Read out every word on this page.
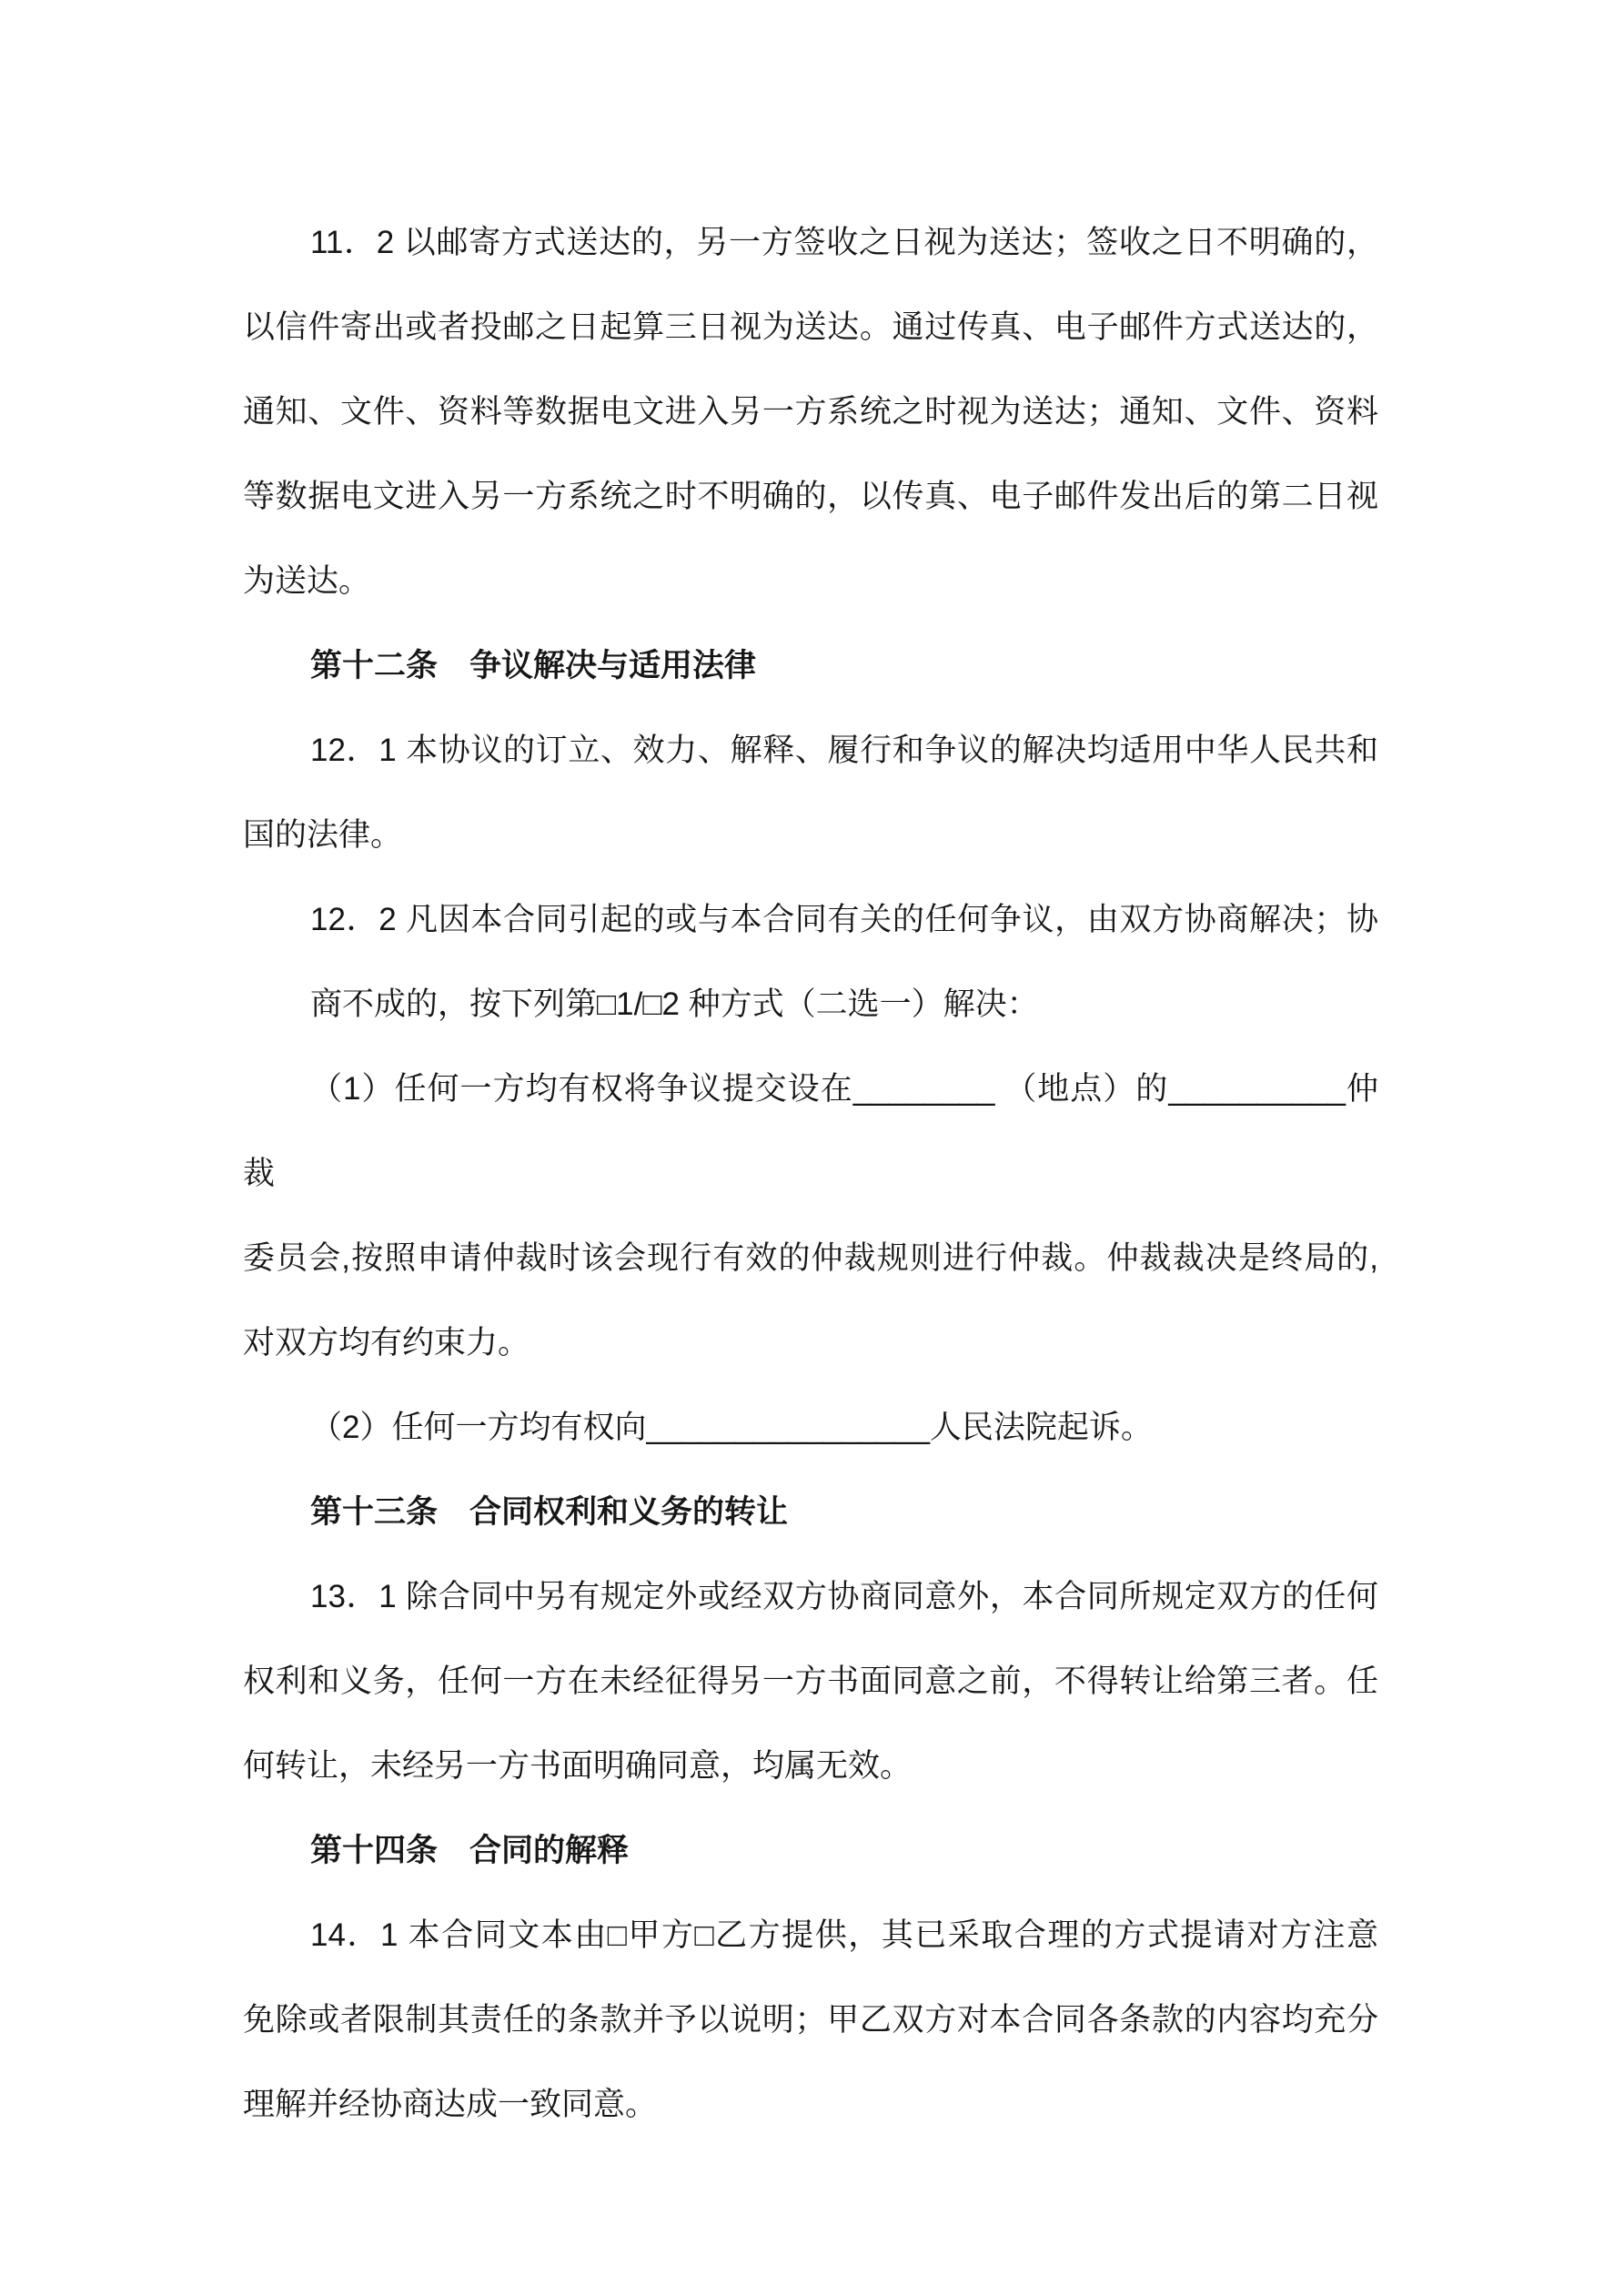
11．2 以邮寄方式送达的，另一方签收之日视为送达；签收之日不明确的，

以信件寄出或者投邮之日起算三日视为送达。通过传真、电子邮件方式送达的，

通知、文件、资料等数据电文进入另一方系统之时视为送达；通知、文件、资料

等数据电文进入另一方系统之时不明确的，以传真、电子邮件发出后的第二日视

为送达。

第十二条　争议解决与适用法律

12．1 本协议的订立、效力、解释、履行和争议的解决均适用中华人民共和

国的法律。

12．2 凡因本合同引起的或与本合同有关的任何争议，由双方协商解决；协

商不成的，按下列第□1/□2 种方式（二选一）解决：

（1）任何一方均有权将争议提交设在________ （地点）的__________仲裁

委员会,按照申请仲裁时该会现行有效的仲裁规则进行仲裁。仲裁裁决是终局的,

对双方均有约束力。

（2）任何一方均有权向________________人民法院起诉。

第十三条　合同权利和义务的转让

13．1 除合同中另有规定外或经双方协商同意外，本合同所规定双方的任何

权利和义务，任何一方在未经征得另一方书面同意之前，不得转让给第三者。任

何转让，未经另一方书面明确同意，均属无效。

第十四条　合同的解释

14．1 本合同文本由□甲方□乙方提供，其已采取合理的方式提请对方注意

免除或者限制其责任的条款并予以说明；甲乙双方对本合同各条款的内容均充分

理解并经协商达成一致同意。
